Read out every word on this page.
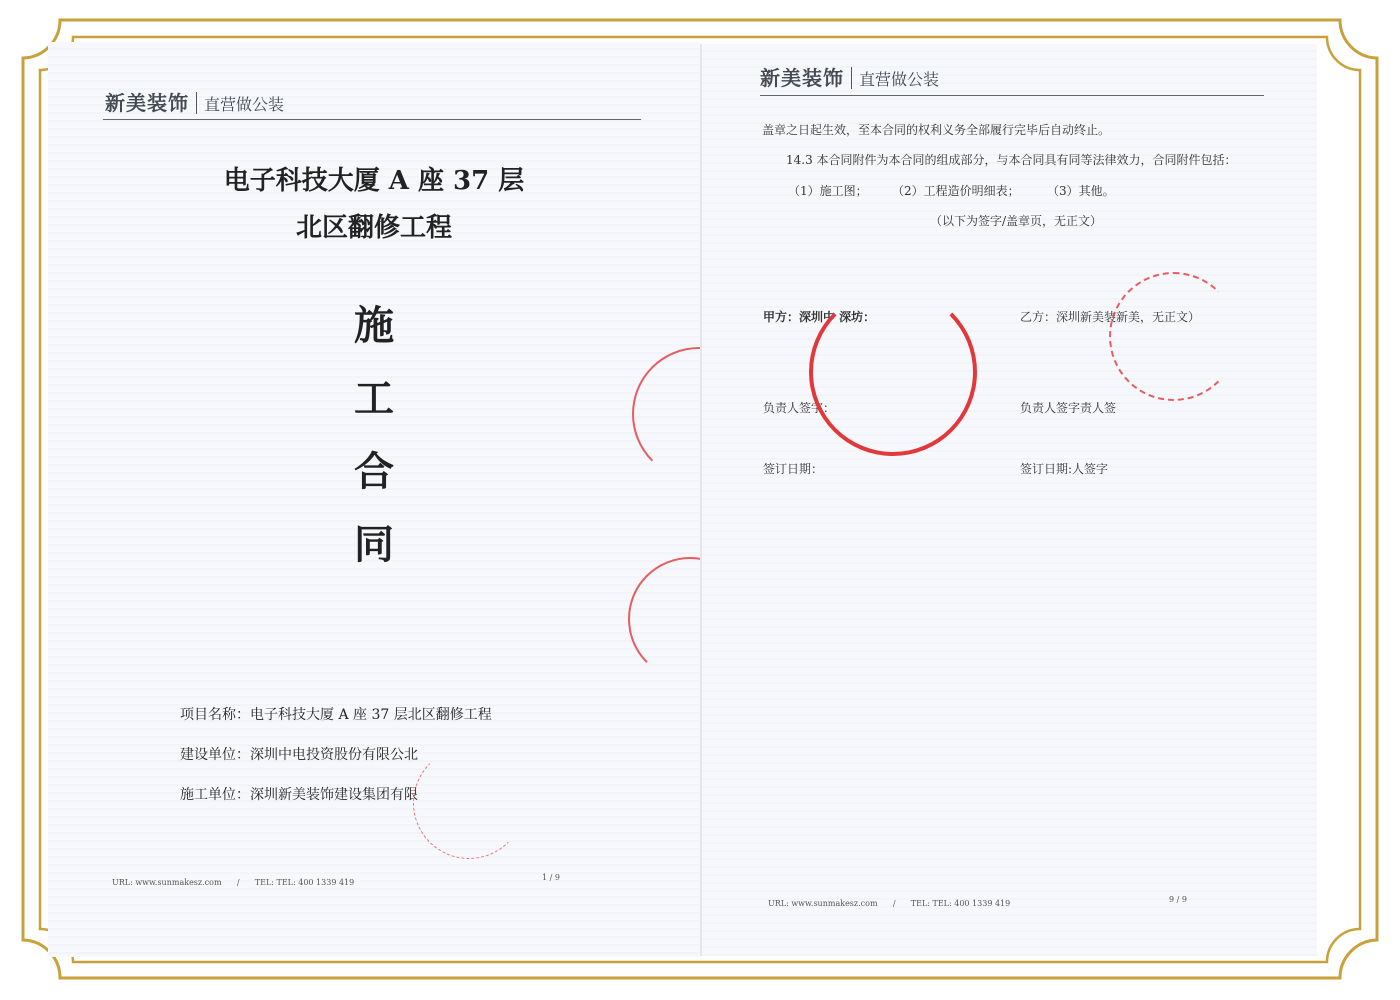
新美装饰 直营做公装
电子科技大厦 A 座 37 层
北区翻修工程
施
工
合
同
项目名称：电子科技大厦 A 座 37 层北区翻修工程
建设单位：深圳中电投资股份有限公北
施工单位：深圳新美装饰建设集团有限
URL: www.sunmakesz.com / TEL: TEL: 400 1339 419
1 / 9
新美装饰 直营做公装
盖章之日起生效，至本合同的权利义务全部履行完毕后自动终止。
14.3 本合同附件为本合同的组成部分，与本合同具有同等法律效力，合同附件包括：
（1）施工图； （2）工程造价明细表； （3）其他。
（以下为签字/盖章页，无正文）
甲方：深圳中 深坊：
负责人签字：
签订日期：
乙方：深圳新美装新美，无正文）
负责人签字责人签
签订日期:人签字
URL: www.sunmakesz.com / TEL: TEL: 400 1339 419	9 / 9
